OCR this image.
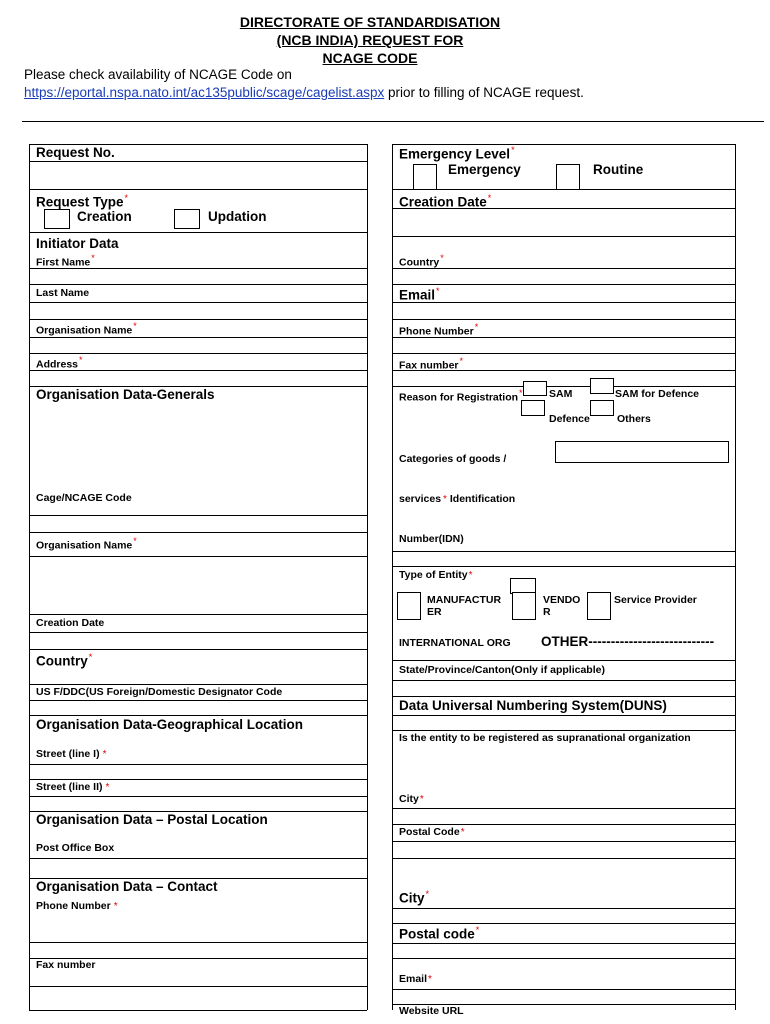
DIRECTORATE OF STANDARDISATION
(NCB INDIA) REQUEST FOR
NCAGE CODE
Please check availability of NCAGE Code on
https://eportal.nspa.nato.int/ac135public/scage/cagelist.aspx prior to filling of NCAGE request.
Request No.
Request Type*
Creation	Updation
Initiator Data
First Name*
Last Name
Organisation Name*
Address*
Organisation Data-Generals
Cage/NCAGE Code
Organisation Name*
Creation Date
Country*
US F/DDC(US Foreign/Domestic Designator Code
Organisation Data-Geographical Location
Street (line I) *
Street (line II) *
Organisation Data – Postal Location
Post Office Box
Organisation Data – Contact
Phone Number *
Fax number
Emergency Level*
Emergency	Routine
Creation Date*
Country*
Email*
Phone Number*
Fax number*
Reason for Registration*	SAM	SAM for Defence
Defence	Others
Categories of goods /
services * Identification
Number(IDN)
Type of Entity*
MANUFACTUR
ER
VENDO
R
Service Provider
INTERNATIONAL ORG OTHER----------------------------
State/Province/Canton(Only if applicable)
Data Universal Numbering System(DUNS)
Is the entity to be registered as supranational organization
City*
Postal Code*
City*
Postal code*
Email*
Website URL
